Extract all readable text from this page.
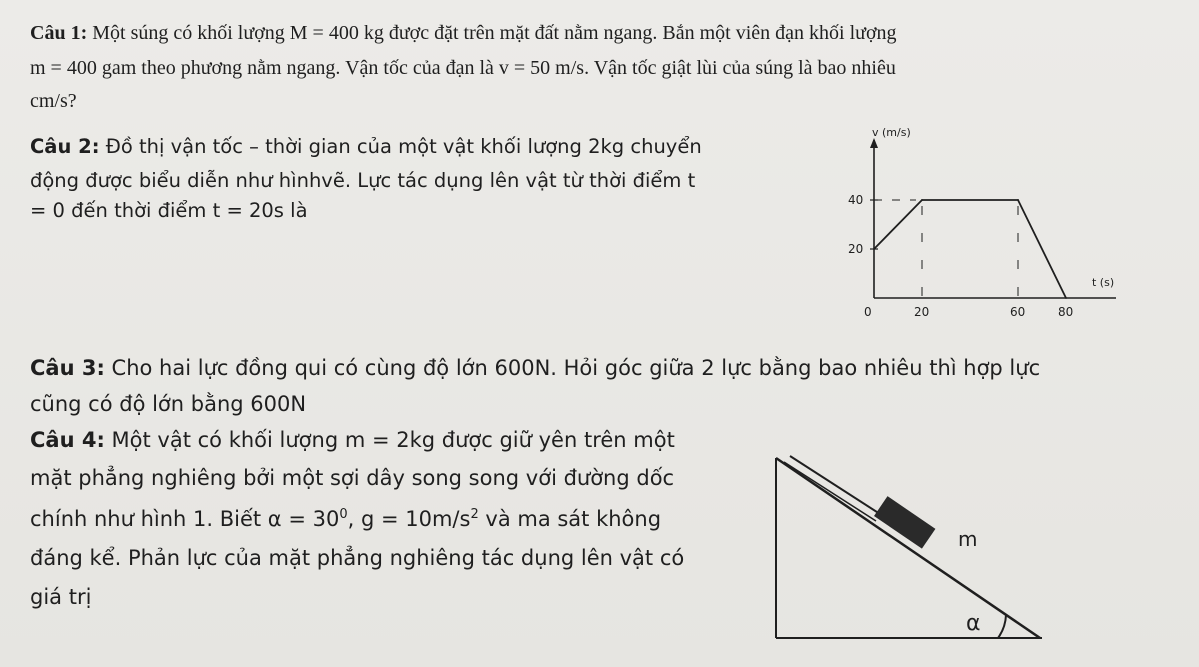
Câu 1: Một súng có khối lượng M = 400 kg được đặt trên mặt đất nằm ngang. Bắn một viên đạn khối lượng
m = 400 gam theo phương nằm ngang. Vận tốc của đạn là v = 50 m/s. Vận tốc giật lùi của súng là bao nhiêu
cm/s?
Câu 2: Đồ thị vận tốc – thời gian của một vật khối lượng 2kg chuyển
động được biểu diễn như hìnhvẽ. Lực tác dụng lên vật từ thời điểm t
= 0 đến thời điểm t = 20s là
v (m/s)
t (s)
20
40
0	20	60	80
Câu 3: Cho hai lực đồng qui có cùng độ lớn 600N. Hỏi góc giữa 2 lực bằng bao nhiêu thì hợp lực
cũng có độ lớn bằng 600N
Câu 4: Một vật có khối lượng m = 2kg được giữ yên trên một
mặt phẳng nghiêng bởi một sợi dây song song với đường dốc
chính như hình 1. Biết $\alpha = 30^0$, $g = 10m/s^2$ và ma sát không
đáng kể. Phản lực của mặt phẳng nghiêng tác dụng lên vật có
giá trị
m
α
